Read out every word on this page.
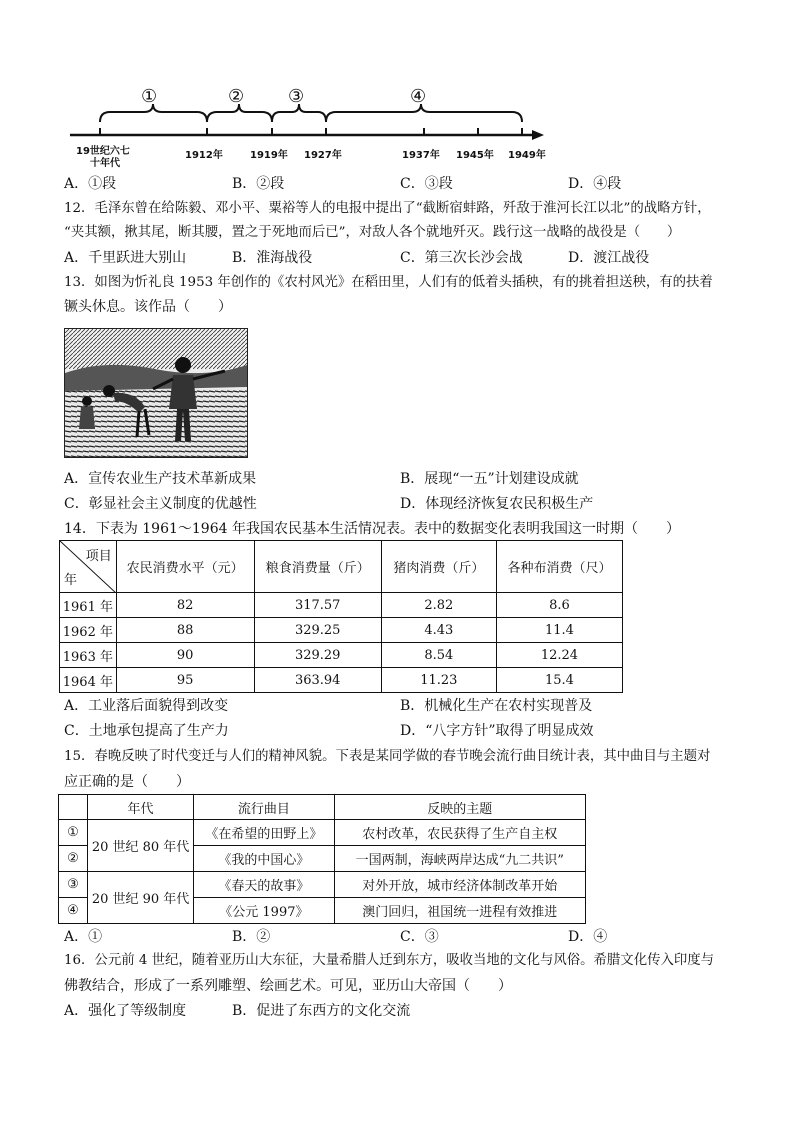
①	② ③	④
19世纪六七
十年代
1912年	1919年 1927年	1937年 1945年 1949年
A．①段	B．②段	C．③段	D．④段
12．毛泽东曾在给陈毅、邓小平、粟裕等人的电报中提出了“截断宿蚌路，歼敌于淮河长江以北”的战略方针，
“夹其额，揪其尾，断其腰，置之于死地而后已”，对敌人各个就地歼灭。践行这一战略的战役是（　　）
A．千里跃进大别山	B．淮海战役	C．第三次长沙会战	D．渡江战役
13．如图为忻礼良 1953 年创作的《农村风光》在稻田里，人们有的低着头插秧，有的挑着担送秧，有的扶着
镢头休息。该作品（　　）
A．宣传农业生产技术革新成果	B．展现“一五”计划建设成就
C．彰显社会主义制度的优越性	D．体现经济恢复农民积极生产
14．下表为 1961～1964 年我国农民基本生活情况表。表中的数据变化表明我国这一时期（　　）
项目
年	农民消费水平（元）	粮食消费量（斤）	猪肉消费（斤）	各种布消费（尺）
1961 年	82	317.57	2.82	8.6
1962 年	88	329.25	4.43	11.4
1963 年	90	329.29	8.54	12.24
1964 年	95	363.94	11.23	15.4
A．工业落后面貌得到改变	B．机械化生产在农村实现普及
C．土地承包提高了生产力	D．“八字方针”取得了明显成效
15．春晚反映了时代变迁与人们的精神风貌。下表是某同学做的春节晚会流行曲目统计表，其中曲目与主题对
应正确的是（　　）
	年代	流行曲目	反映的主题
①	20 世纪 80 年代	《在希望的田野上》	农村改革，农民获得了生产自主权
②		《我的中国心》	一国两制，海峡两岸达成“九二共识”
③	20 世纪 90 年代	《春天的故事》	对外开放，城市经济体制改革开始
④		《公元 1997》	澳门回归，祖国统一进程有效推进
A．①	B．②	C．③	D．④
16．公元前 4 世纪，随着亚历山大东征，大量希腊人迁到东方，吸收当地的文化与风俗。希腊文化传入印度与
佛教结合，形成了一系列雕塑、绘画艺术。可见，亚历山大帝国（　　）
A．强化了等级制度	B．促进了东西方的文化交流
